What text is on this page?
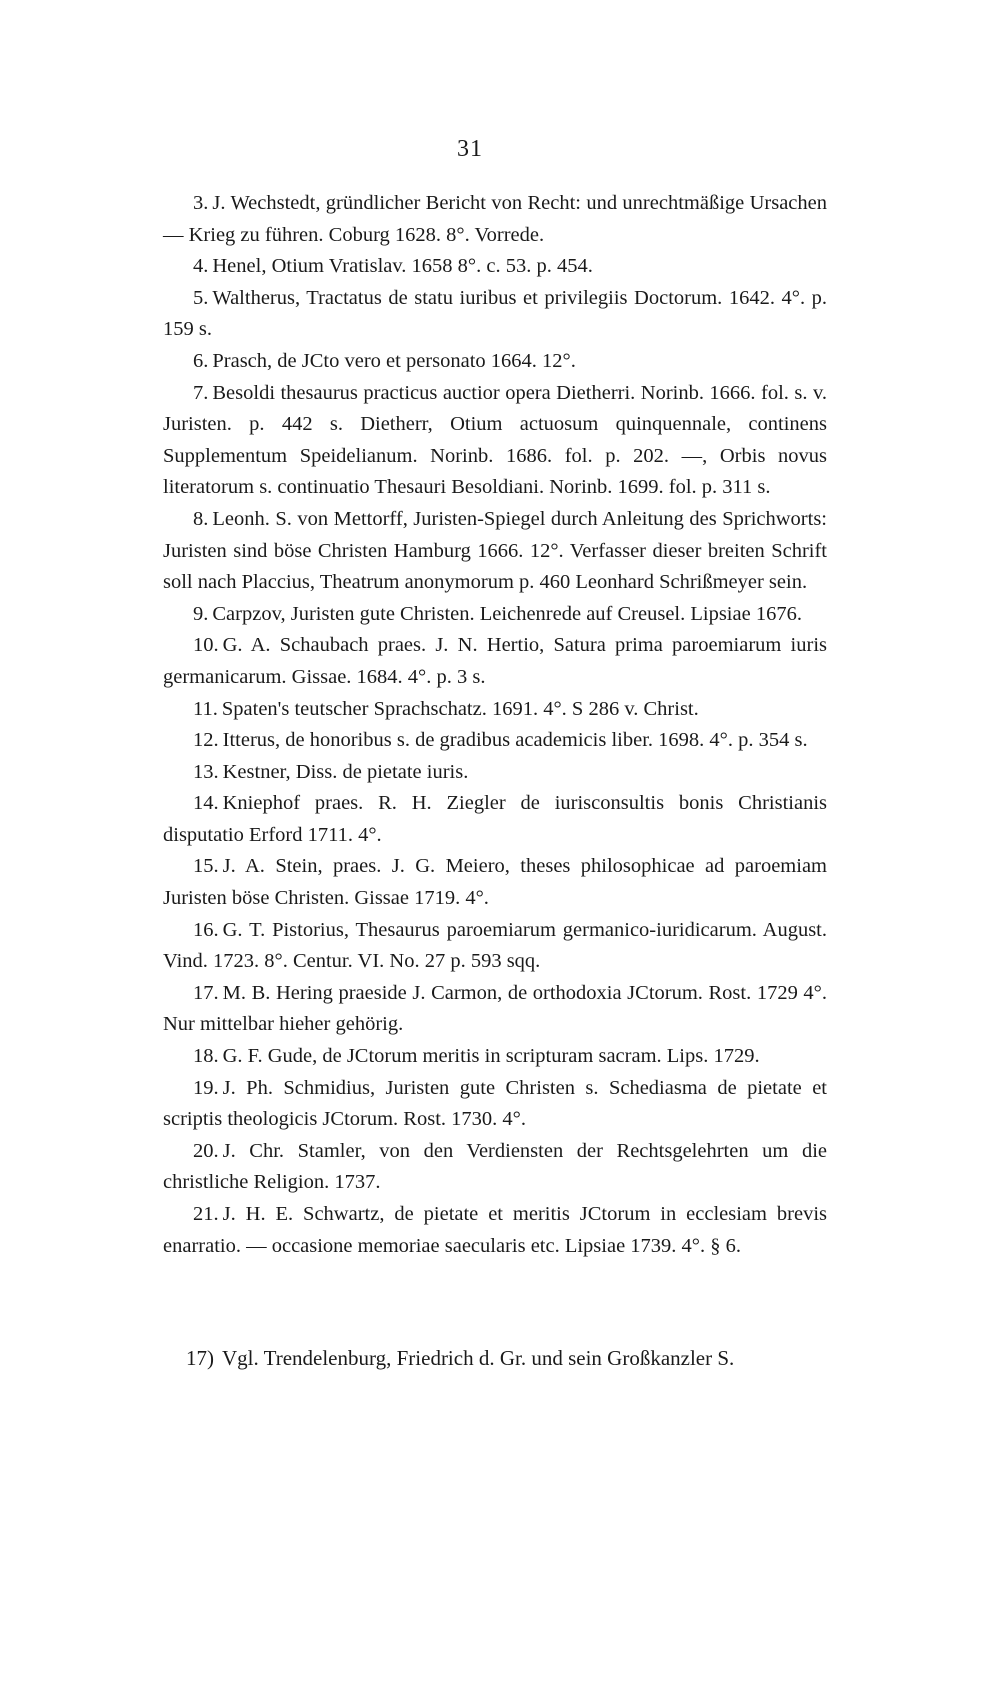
31

3. J. Wechstedt, gründlicher Bericht von Recht: und unrechtmäßige Ursachen — Krieg zu führen. Coburg 1628. 8°. Vorrede.

4. Henel, Otium Vratislav. 1658 8°. c. 53. p. 454.

5. Waltherus, Tractatus de statu iuribus et privilegiis Doctorum. 1642. 4°. p. 159 s.

6. Prasch, de JCto vero et personato 1664. 12°.

7. Besoldi thesaurus practicus auctior opera Dietherri. Norinb. 1666. fol. s. v. Juristen. p. 442 s. Dietherr, Otium actuosum quinquennale, continens Supplementum Speidelianum. Norinb. 1686. fol. p. 202. —, Orbis novus literatorum s. continuatio Thesauri Besoldiani. Norinb. 1699. fol. p. 311 s.

8. Leonh. S. von Mettorff, Juristen-Spiegel durch Anleitung des Sprichworts: Juristen sind böse Christen Hamburg 1666. 12°. Verfasser dieser breiten Schrift soll nach Placcius, Theatrum anonymorum p. 460 Leonhard Schrißmeyer sein.

9. Carpzov, Juristen gute Christen. Leichenrede auf Creusel. Lipsiae 1676.

10. G. A. Schaubach praes. J. N. Hertio, Satura prima paroemiarum iuris germanicarum. Gissae. 1684. 4°. p. 3 s.

11. Spaten's teutscher Sprachschatz. 1691. 4°. S 286 v. Christ.

12. Itterus, de honoribus s. de gradibus academicis liber. 1698. 4°. p. 354 s.

13. Kestner, Diss. de pietate iuris.

14. Kniephof praes. R. H. Ziegler de iurisconsultis bonis Christianis disputatio Erford 1711. 4°.

15. J. A. Stein, praes. J. G. Meiero, theses philosophicae ad paroemiam Juristen böse Christen. Gissae 1719. 4°.

16. G. T. Pistorius, Thesaurus paroemiarum germanico-iuridicarum. August. Vind. 1723. 8°. Centur. VI. No. 27 p. 593 sqq.

17. M. B. Hering praeside J. Carmon, de orthodoxia JCtorum. Rost. 1729 4°. Nur mittelbar hieher gehörig.

18. G. F. Gude, de JCtorum meritis in scripturam sacram. Lips. 1729.

19. J. Ph. Schmidius, Juristen gute Christen s. Schediasma de pietate et scriptis theologicis JCtorum. Rost. 1730. 4°.

20. J. Chr. Stamler, von den Verdiensten der Rechtsgelehrten um die christliche Religion. 1737.

21. J. H. E. Schwartz, de pietate et meritis JCtorum in ecclesiam brevis enarratio. — occasione memoriae saecularis etc. Lipsiae 1739. 4°. § 6.

17) Vgl. Trendelenburg, Friedrich d. Gr. und sein Großkanzler S.
